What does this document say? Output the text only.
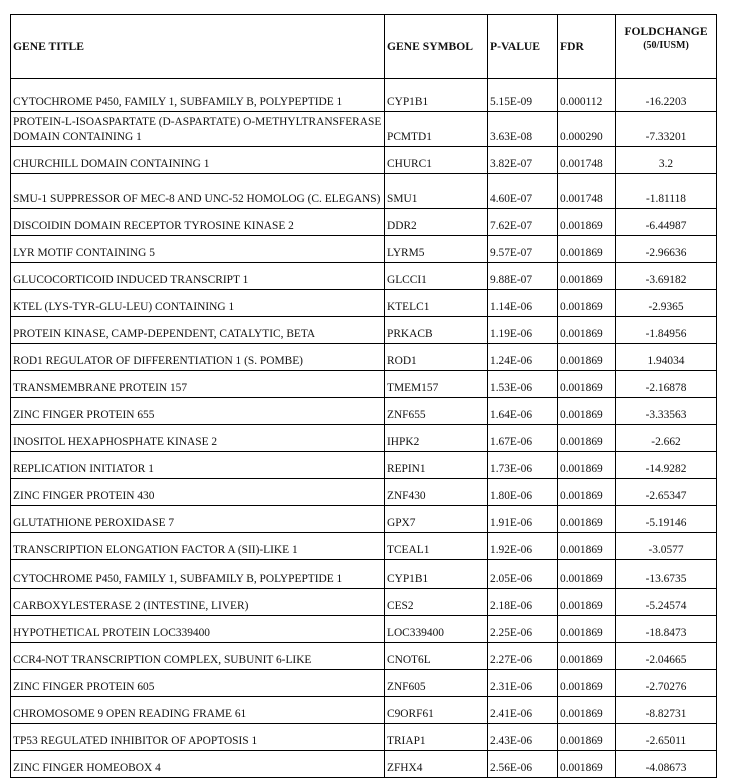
GENE TITLE	GENE SYMBOL	P-VALUE	FDR	FOLDCHANGE
(50/IUSM)

CYTOCHROME P450, FAMILY 1, SUBFAMILY B, POLYPEPTIDE 1	CYP1B1	5.15E-09	0.000112	-16.2203
PROTEIN-L-ISOASPARTATE (D-ASPARTATE) O-METHYLTRANSFERASE DOMAIN CONTAINING 1	PCMTD1	3.63E-08	0.000290	-7.33201
CHURCHILL DOMAIN CONTAINING 1	CHURC1	3.82E-07	0.001748	3.2
SMU-1 SUPPRESSOR OF MEC-8 AND UNC-52 HOMOLOG (C. ELEGANS)	SMU1	4.60E-07	0.001748	-1.81118
DISCOIDIN DOMAIN RECEPTOR TYROSINE KINASE 2	DDR2	7.62E-07	0.001869	-6.44987
LYR MOTIF CONTAINING 5	LYRM5	9.57E-07	0.001869	-2.96636
GLUCOCORTICOID INDUCED TRANSCRIPT 1	GLCCI1	9.88E-07	0.001869	-3.69182
KTEL (LYS-TYR-GLU-LEU) CONTAINING 1	KTELC1	1.14E-06	0.001869	-2.9365
PROTEIN KINASE, CAMP-DEPENDENT, CATALYTIC, BETA	PRKACB	1.19E-06	0.001869	-1.84956
ROD1 REGULATOR OF DIFFERENTIATION 1 (S. POMBE)	ROD1	1.24E-06	0.001869	1.94034
TRANSMEMBRANE PROTEIN 157	TMEM157	1.53E-06	0.001869	-2.16878
ZINC FINGER PROTEIN 655	ZNF655	1.64E-06	0.001869	-3.33563
INOSITOL HEXAPHOSPHATE KINASE 2	IHPK2	1.67E-06	0.001869	-2.662
REPLICATION INITIATOR 1	REPIN1	1.73E-06	0.001869	-14.9282
ZINC FINGER PROTEIN 430	ZNF430	1.80E-06	0.001869	-2.65347
GLUTATHIONE PEROXIDASE 7	GPX7	1.91E-06	0.001869	-5.19146
TRANSCRIPTION ELONGATION FACTOR A (SII)-LIKE 1	TCEAL1	1.92E-06	0.001869	-3.0577
CYTOCHROME P450, FAMILY 1, SUBFAMILY B, POLYPEPTIDE 1	CYP1B1	2.05E-06	0.001869	-13.6735
CARBOXYLESTERASE 2 (INTESTINE, LIVER)	CES2	2.18E-06	0.001869	-5.24574
HYPOTHETICAL PROTEIN LOC339400	LOC339400	2.25E-06	0.001869	-18.8473
CCR4-NOT TRANSCRIPTION COMPLEX, SUBUNIT 6-LIKE	CNOT6L	2.27E-06	0.001869	-2.04665
ZINC FINGER PROTEIN 605	ZNF605	2.31E-06	0.001869	-2.70276
CHROMOSOME 9 OPEN READING FRAME 61	C9ORF61	2.41E-06	0.001869	-8.82731
TP53 REGULATED INHIBITOR OF APOPTOSIS 1	TRIAP1	2.43E-06	0.001869	-2.65011
ZINC FINGER HOMEOBOX 4	ZFHX4	2.56E-06	0.001869	-4.08673
